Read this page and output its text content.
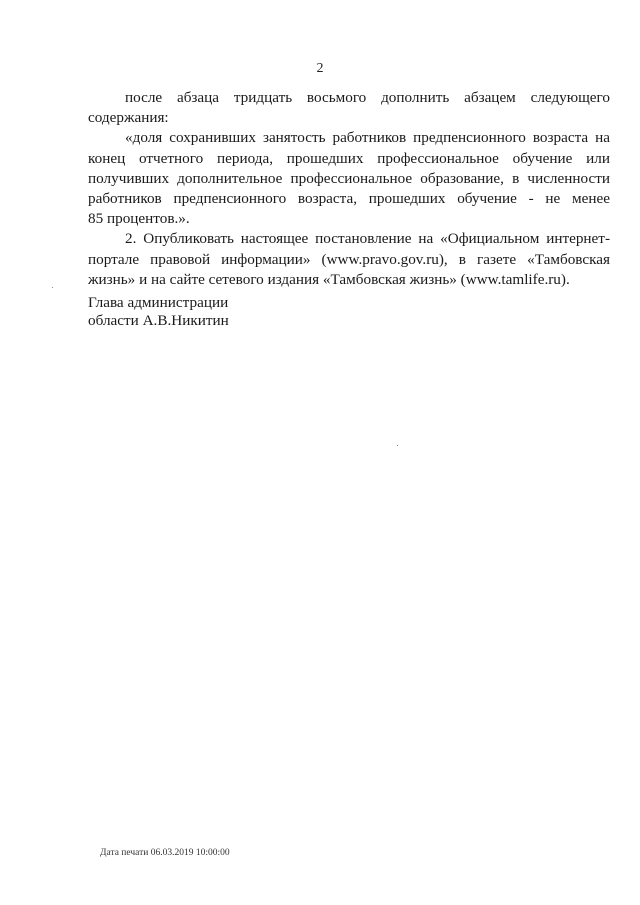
2

после абзаца тридцать восьмого дополнить абзацем следующего
содержания:

«доля сохранивших занятость работников предпенсионного возраста на
конец отчетного периода, прошедших профессиональное обучение или
получивших дополнительное профессиональное образование, в численности
работников предпенсионного возраста, прошедших обучение - не менее
85 процентов.».

2. Опубликовать настоящее постановление на «Официальном интернет-
портале правовой информации» (www.pravo.gov.ru), в газете «Тамбовская
жизнь» и на сайте сетевого издания «Тамбовская жизнь» (www.tamlife.ru).

Глава администрации
области А.В.Никитин
Дата печати 06.03.2019 10:00:00
